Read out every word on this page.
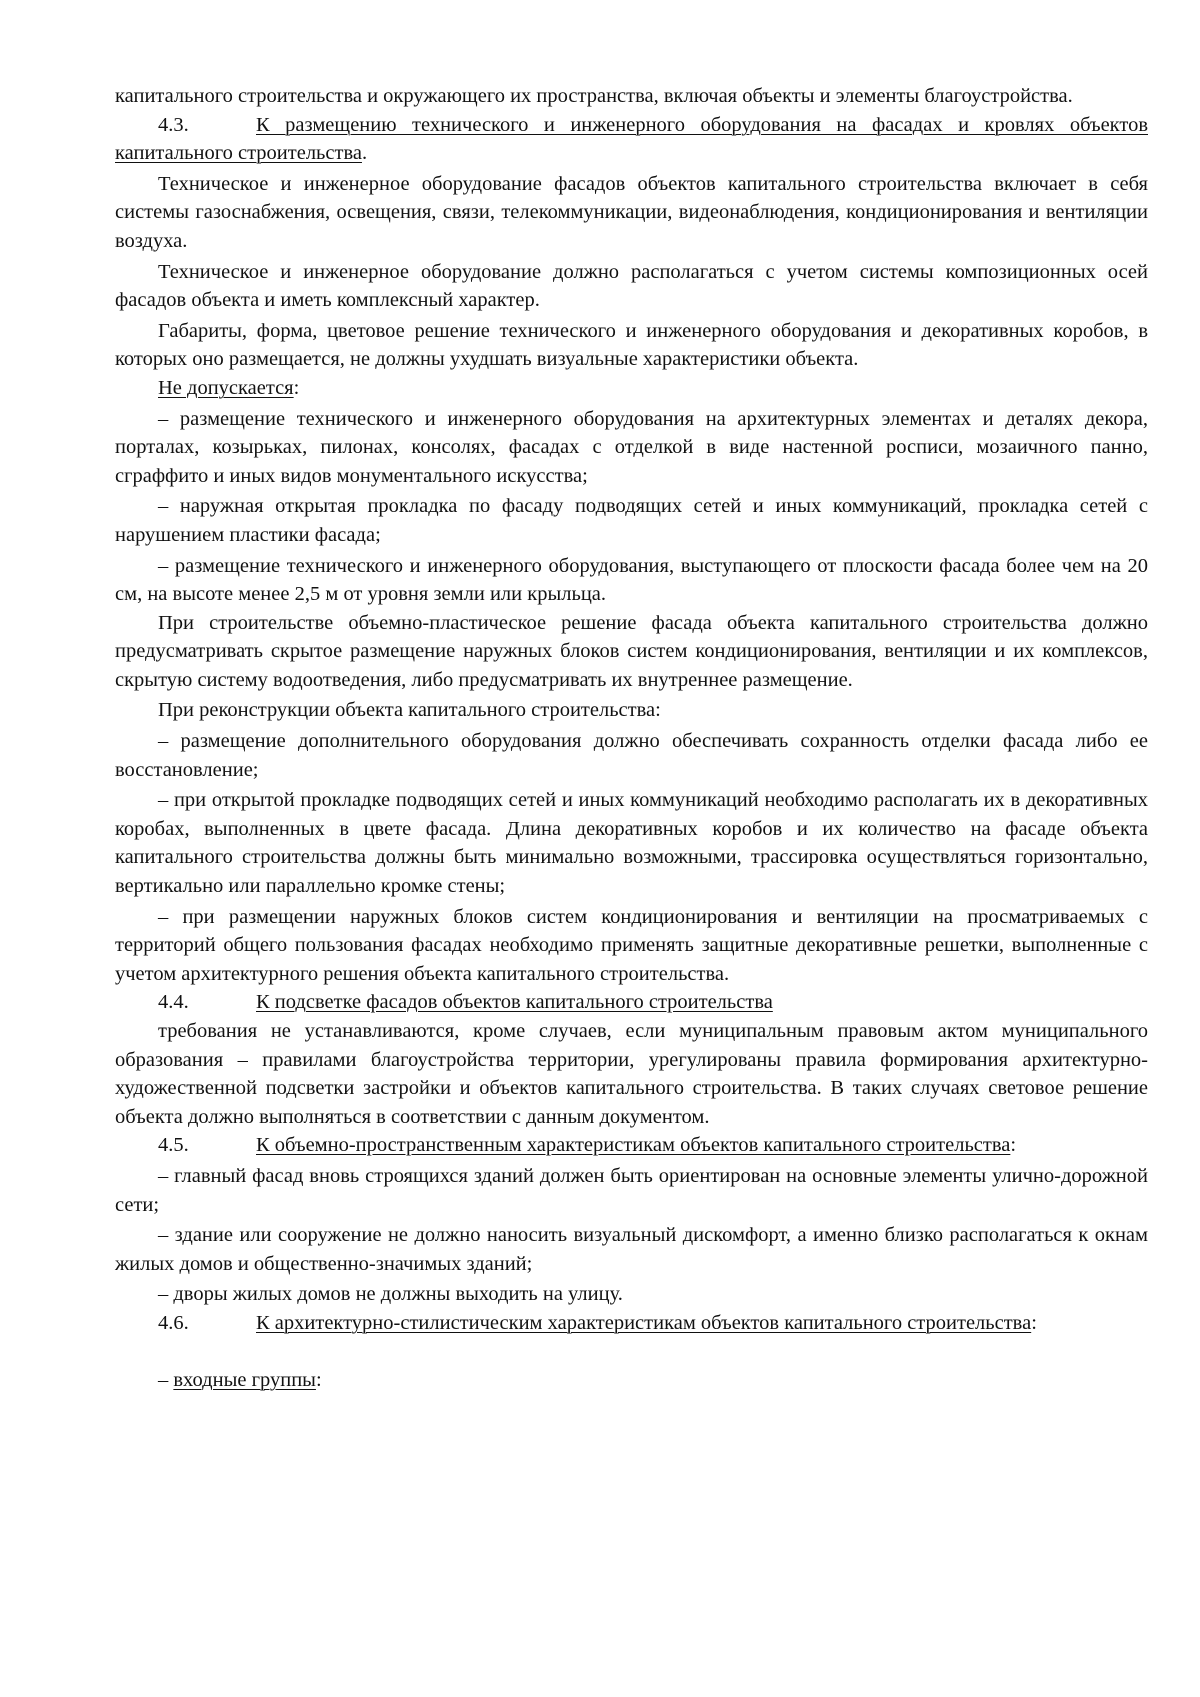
капитального строительства и окружающего их пространства, включая объекты и элементы благоустройства.

4.3.	К размещению технического и инженерного оборудования на фасадах и кровлях объектов капитального строительства.

Техническое и инженерное оборудование фасадов объектов капитального строительства включает в себя системы газоснабжения, освещения, связи, телекоммуникации, видеонаблюдения, кондиционирования и вентиляции воздуха.

Техническое и инженерное оборудование должно располагаться с учетом системы композиционных осей фасадов объекта и иметь комплексный характер.

Габариты, форма, цветовое решение технического и инженерного оборудования и декоративных коробов, в которых оно размещается, не должны ухудшать визуальные характеристики объекта.

Не допускается:

– размещение технического и инженерного оборудования на архитектурных элементах и деталях декора, порталах, козырьках, пилонах, консолях, фасадах с отделкой в виде настенной росписи, мозаичного панно, сграффито и иных видов монументального искусства;

– наружная открытая прокладка по фасаду подводящих сетей и иных коммуникаций, прокладка сетей с нарушением пластики фасада;

– размещение технического и инженерного оборудования, выступающего от плоскости фасада более чем на 20 см, на высоте менее 2,5 м от уровня земли или крыльца.

При строительстве объемно-пластическое решение фасада объекта капитального строительства должно предусматривать скрытое размещение наружных блоков систем кондиционирования, вентиляции и их комплексов, скрытую систему водоотведения, либо предусматривать их внутреннее размещение.

При реконструкции объекта капитального строительства:

– размещение дополнительного оборудования должно обеспечивать сохранность отделки фасада либо ее восстановление;

– при открытой прокладке подводящих сетей и иных коммуникаций необходимо располагать их в декоративных коробах, выполненных в цвете фасада. Длина декоративных коробов и их количество на фасаде объекта капитального строительства должны быть минимально возможными, трассировка осуществляться горизонтально, вертикально или параллельно кромке стены;

– при размещении наружных блоков систем кондиционирования и вентиляции на просматриваемых с территорий общего пользования фасадах необходимо применять защитные декоративные решетки, выполненные с учетом архитектурного решения объекта капитального строительства.

4.4.	К подсветке фасадов объектов капитального строительства

требования не устанавливаются, кроме случаев, если муниципальным правовым актом муниципального образования – правилами благоустройства территории, урегулированы правила формирования архитектурно-художественной подсветки застройки и объектов капитального строительства. В таких случаях световое решение объекта должно выполняться в соответствии с данным документом.

4.5.	К объемно-пространственным характеристикам объектов капитального строительства:

– главный фасад вновь строящихся зданий должен быть ориентирован на основные элементы улично-дорожной сети;

– здание или сооружение не должно наносить визуальный дискомфорт, а именно близко располагаться к окнам жилых домов и общественно-значимых зданий;

– дворы жилых домов не должны выходить на улицу.

4.6.	К архитектурно-стилистическим характеристикам объектов капитального строительства:

– входные группы:
